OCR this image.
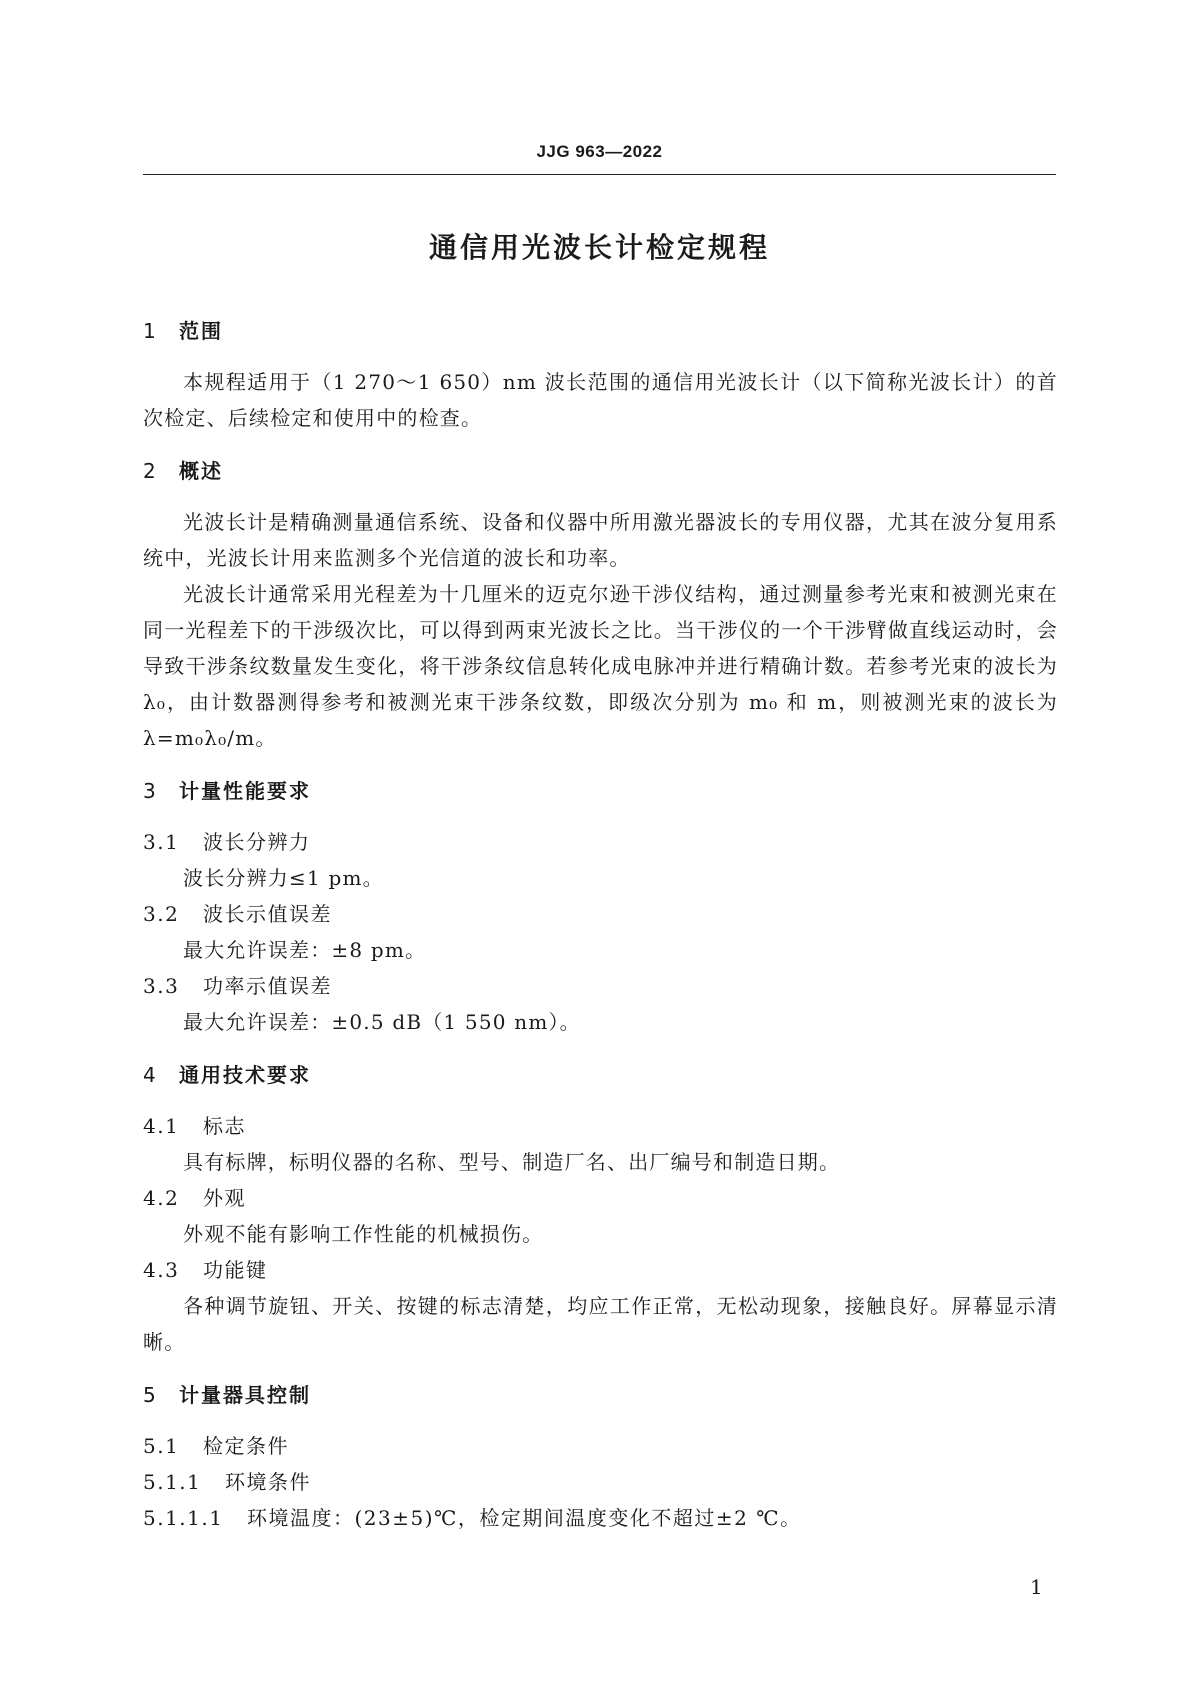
JJG 963—2022
通信用光波长计检定规程
1 范围

本规程适用于（1 270～1 650）nm 波长范围的通信用光波长计（以下简称光波长计）的首次检定、后续检定和使用中的检查。

2 概述

光波长计是精确测量通信系统、设备和仪器中所用激光器波长的专用仪器，尤其在波分复用系统中，光波长计用来监测多个光信道的波长和功率。

光波长计通常采用光程差为十几厘米的迈克尔逊干涉仪结构，通过测量参考光束和被测光束在同一光程差下的干涉级次比，可以得到两束光波长之比。当干涉仪的一个干涉臂做直线运动时，会导致干涉条纹数量发生变化，将干涉条纹信息转化成电脉冲并进行精确计数。若参考光束的波长为 λ₀，由计数器测得参考和被测光束干涉条纹数，即级次分别为 m₀ 和 m，则被测光束的波长为 λ=m₀λ₀/m。

3 计量性能要求

3.1 波长分辨力

波长分辨力≤1 pm。

3.2 波长示值误差

最大允许误差：±8 pm。

3.3 功率示值误差

最大允许误差：±0.5 dB（1 550 nm）。

4 通用技术要求

4.1 标志

具有标牌，标明仪器的名称、型号、制造厂名、出厂编号和制造日期。

4.2 外观

外观不能有影响工作性能的机械损伤。

4.3 功能键

各种调节旋钮、开关、按键的标志清楚，均应工作正常，无松动现象，接触良好。屏幕显示清晰。

5 计量器具控制

5.1 检定条件

5.1.1 环境条件

5.1.1.1 环境温度：(23±5)℃，检定期间温度变化不超过±2 ℃。

1
